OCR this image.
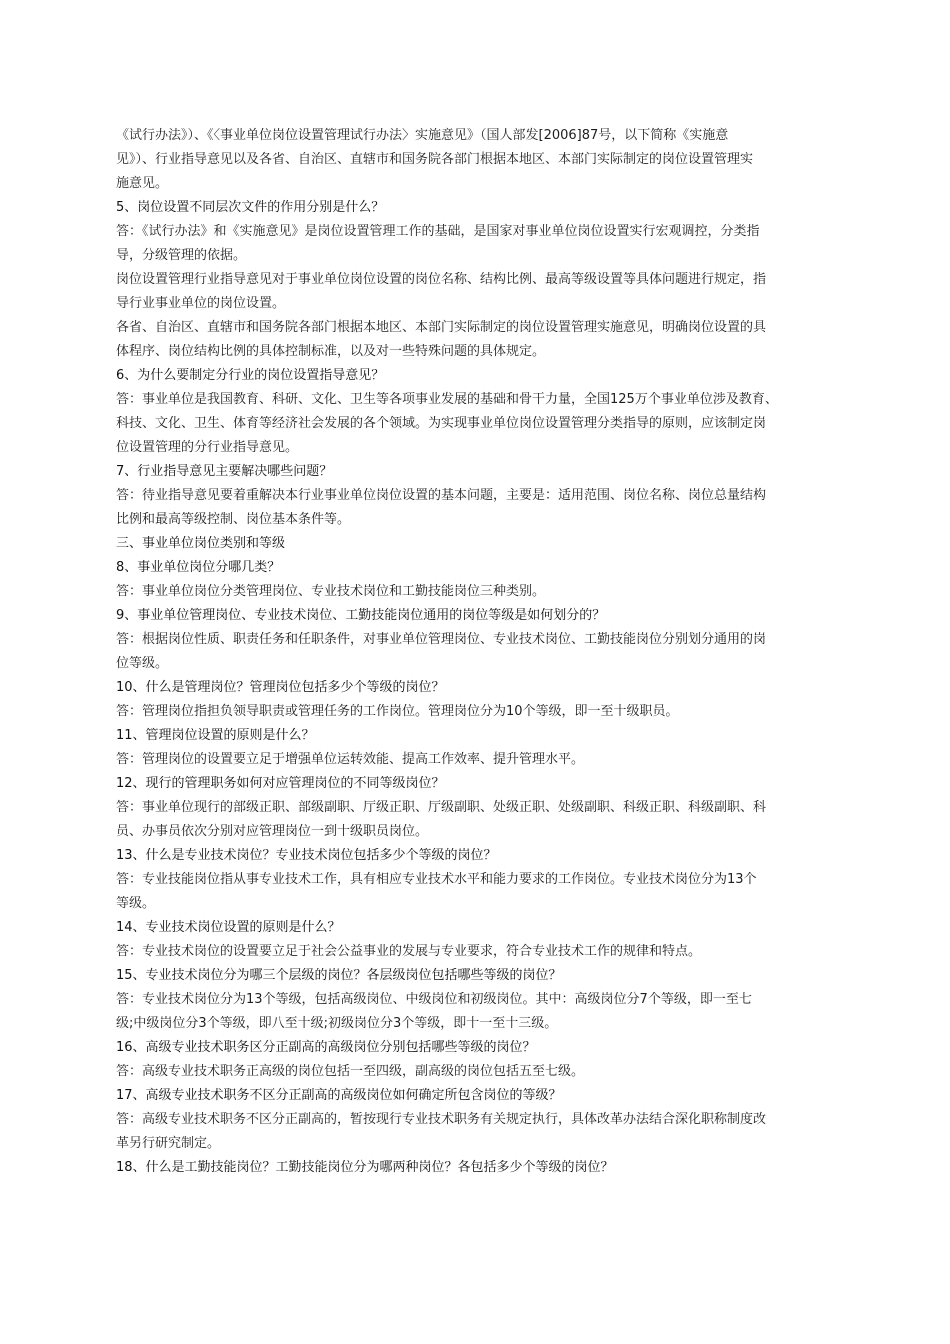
《试行办法》）、《〈事业单位岗位设置管理试行办法〉实施意见》（国人部发[2006]87号，以下简称《实施意
见》）、行业指导意见以及各省、自治区、直辖市和国务院各部门根据本地区、本部门实际制定的岗位设置管理实
施意见。
5、岗位设置不同层次文件的作用分别是什么？
答：《试行办法》和《实施意见》是岗位设置管理工作的基础，是国家对事业单位岗位设置实行宏观调控，分类指
导，分级管理的依据。
岗位设置管理行业指导意见对于事业单位岗位设置的岗位名称、结构比例、最高等级设置等具体问题进行规定，指
导行业事业单位的岗位设置。
各省、自治区、直辖市和国务院各部门根据本地区、本部门实际制定的岗位设置管理实施意见，明确岗位设置的具
体程序、岗位结构比例的具体控制标准，以及对一些特殊问题的具体规定。
6、为什么要制定分行业的岗位设置指导意见？
答：事业单位是我国教育、科研、文化、卫生等各项事业发展的基础和骨干力量，全国125万个事业单位涉及教育、
科技、文化、卫生、体育等经济社会发展的各个领域。为实现事业单位岗位设置管理分类指导的原则，应该制定岗
位设置管理的分行业指导意见。
7、行业指导意见主要解决哪些问题？
答：待业指导意见要着重解决本行业事业单位岗位设置的基本问题，主要是：适用范围、岗位名称、岗位总量结构
比例和最高等级控制、岗位基本条件等。
三、事业单位岗位类别和等级
8、事业单位岗位分哪几类？
答：事业单位岗位分类管理岗位、专业技术岗位和工勤技能岗位三种类别。
9、事业单位管理岗位、专业技术岗位、工勤技能岗位通用的岗位等级是如何划分的？
答：根据岗位性质、职责任务和任职条件，对事业单位管理岗位、专业技术岗位、工勤技能岗位分别划分通用的岗
位等级。
10、什么是管理岗位？管理岗位包括多少个等级的岗位？
答：管理岗位指担负领导职责或管理任务的工作岗位。管理岗位分为10个等级，即一至十级职员。
11、管理岗位设置的原则是什么？
答：管理岗位的设置要立足于增强单位运转效能、提高工作效率、提升管理水平。
12、现行的管理职务如何对应管理岗位的不同等级岗位？
答：事业单位现行的部级正职、部级副职、厅级正职、厅级副职、处级正职、处级副职、科级正职、科级副职、科
员、办事员依次分别对应管理岗位一到十级职员岗位。
13、什么是专业技术岗位？专业技术岗位包括多少个等级的岗位？
答：专业技能岗位指从事专业技术工作，具有相应专业技术水平和能力要求的工作岗位。专业技术岗位分为13个
等级。
14、专业技术岗位设置的原则是什么？
答：专业技术岗位的设置要立足于社会公益事业的发展与专业要求，符合专业技术工作的规律和特点。
15、专业技术岗位分为哪三个层级的岗位？各层级岗位包括哪些等级的岗位？
答：专业技术岗位分为13个等级，包括高级岗位、中级岗位和初级岗位。其中：高级岗位分7个等级，即一至七
级;中级岗位分3个等级，即八至十级;初级岗位分3个等级，即十一至十三级。
16、高级专业技术职务区分正副高的高级岗位分别包括哪些等级的岗位？
答：高级专业技术职务正高级的岗位包括一至四级，副高级的岗位包括五至七级。
17、高级专业技术职务不区分正副高的高级岗位如何确定所包含岗位的等级？
答：高级专业技术职务不区分正副高的，暂按现行专业技术职务有关规定执行，具体改革办法结合深化职称制度改
革另行研究制定。
18、什么是工勤技能岗位？工勤技能岗位分为哪两种岗位？各包括多少个等级的岗位？
